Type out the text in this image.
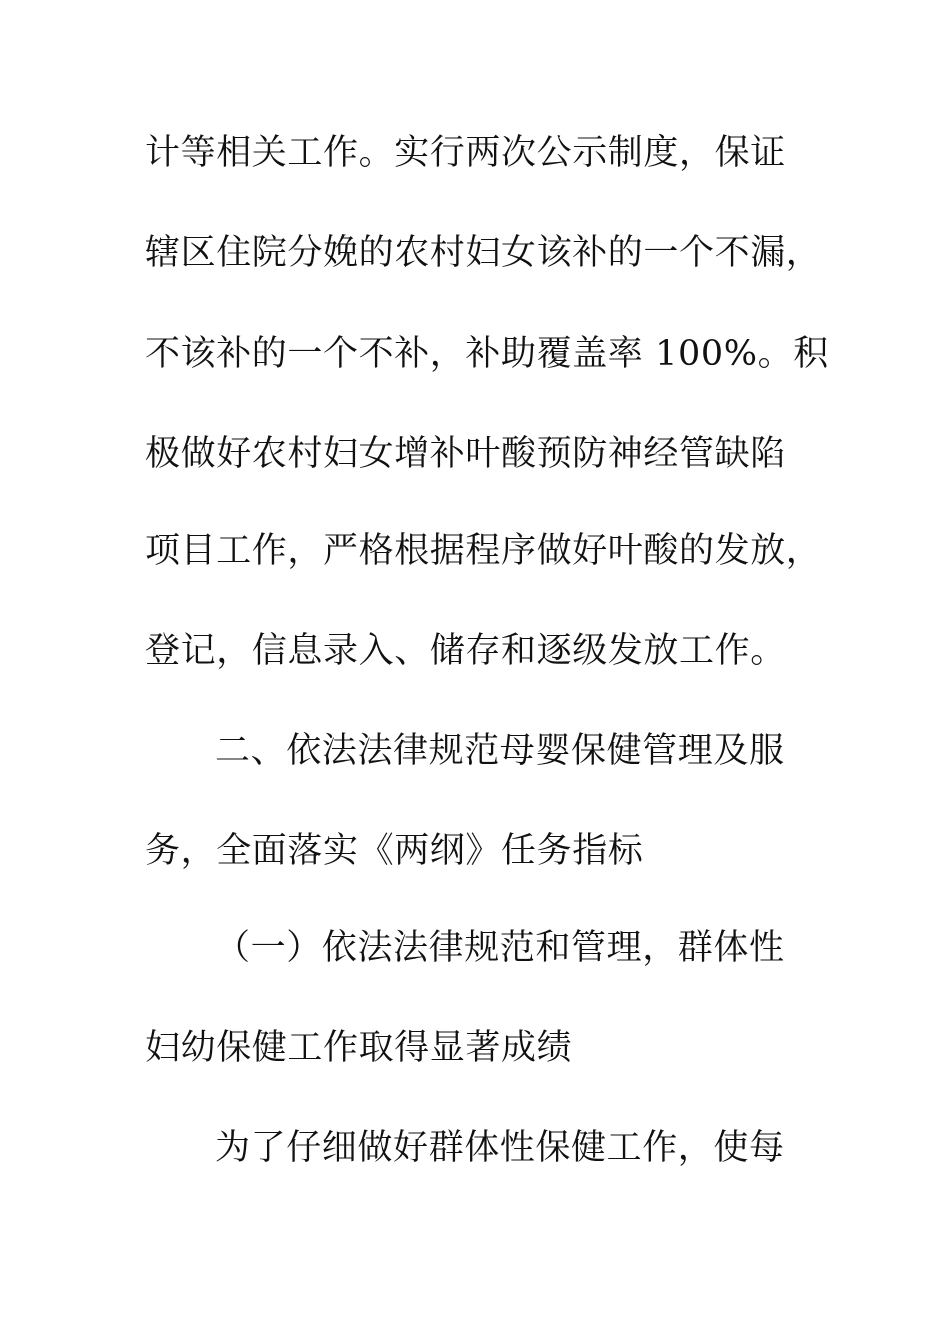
计等相关工作。实行两次公示制度，保证
辖区住院分娩的农村妇女该补的一个不漏，
不该补的一个不补，补助覆盖率 100%。积
极做好农村妇女增补叶酸预防神经管缺陷
项目工作，严格根据程序做好叶酸的发放，
登记，信息录入、储存和逐级发放工作。
二、依法法律规范母婴保健管理及服
务，全面落实《两纲》任务指标
（一）依法法律规范和管理，群体性
妇幼保健工作取得显著成绩
为了仔细做好群体性保健工作，使每
